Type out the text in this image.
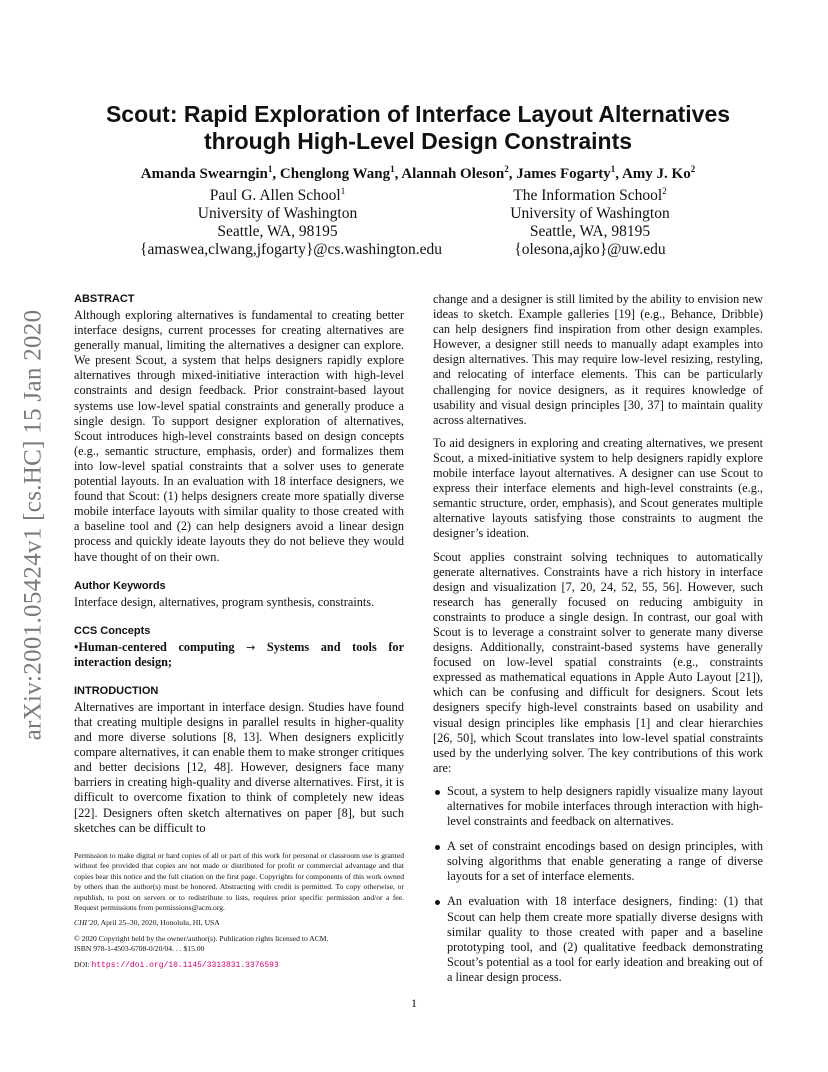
arXiv:2001.05424v1 [cs.HC] 15 Jan 2020
Scout: Rapid Exploration of Interface Layout Alternatives through High-Level Design Constraints
Amanda Swearngin$^1$, Chenglong Wang$^1$, Alannah Oleson$^2$, James Fogarty$^1$, Amy J. Ko$^2$
Paul G. Allen School$^1$
University of Washington
Seattle, WA, 98195
{amaswea,clwang,jfogarty}@cs.washington.edu
The Information School$^2$
University of Washington
Seattle, WA, 98195
{olesona,ajko}@uw.edu
ABSTRACT

Although exploring alternatives is fundamental to creating better interface designs, current processes for creating alternatives are generally manual, limiting the alternatives a designer can explore. We present Scout, a system that helps designers rapidly explore alternatives through mixed-initiative interaction with high-level constraints and design feedback. Prior constraint-based layout systems use low-level spatial constraints and generally produce a single design. To support designer exploration of alternatives, Scout introduces high-level constraints based on design concepts (e.g., semantic structure, emphasis, order) and formalizes them into low-level spatial constraints that a solver uses to generate potential layouts. In an evaluation with 18 interface designers, we found that Scout: (1) helps designers create more spatially diverse mobile interface layouts with similar quality to those created with a baseline tool and (2) can help designers avoid a linear design process and quickly ideate layouts they do not believe they would have thought of on their own.

Author Keywords

Interface design, alternatives, program synthesis, constraints.

CCS Concepts

•Human-centered computing → Systems and tools for interaction design;

INTRODUCTION

Alternatives are important in interface design. Studies have found that creating multiple designs in parallel results in higher-quality and more diverse solutions [8, 13]. When designers explicitly compare alternatives, it can enable them to make stronger critiques and better decisions [12, 48]. However, designers face many barriers in creating high-quality and diverse alternatives. First, it is difficult to overcome fixation to think of completely new ideas [22]. Designers often sketch alternatives on paper [8], but such sketches can be difficult to

Permission to make digital or hard copies of all or part of this work for personal or classroom use is granted without fee provided that copies are not made or distributed for profit or commercial advantage and that copies bear this notice and the full citation on the first page. Copyrights for components of this work owned by others than the author(s) must be honored. Abstracting with credit is permitted. To copy otherwise, or republish, to post on servers or to redistribute to lists, requires prior specific permission and/or a fee. Request permissions from permissions@acm.org.

CHI’20, April 25–30, 2020, Honolulu, HI, USA

© 2020 Copyright held by the owner/author(s). Publication rights licensed to ACM.

ISBN 978-1-4503-6708-0/20/04. . . $15.00

DOI: https://doi.org/10.1145/3313831.3376593

change and a designer is still limited by the ability to envision new ideas to sketch. Example galleries [19] (e.g., Behance, Dribble) can help designers find inspiration from other design examples. However, a designer still needs to manually adapt examples into design alternatives. This may require low-level resizing, restyling, and relocating of interface elements. This can be particularly challenging for novice designers, as it requires knowledge of usability and visual design principles [30, 37] to maintain quality across alternatives.

To aid designers in exploring and creating alternatives, we present Scout, a mixed-initiative system to help designers rapidly explore mobile interface layout alternatives. A designer can use Scout to express their interface elements and high-level constraints (e.g., semantic structure, order, emphasis), and Scout generates multiple alternative layouts satisfying those constraints to augment the designer’s ideation.

Scout applies constraint solving techniques to automatically generate alternatives. Constraints have a rich history in interface design and visualization [7, 20, 24, 52, 55, 56]. However, such research has generally focused on reducing ambiguity in constraints to produce a single design. In contrast, our goal with Scout is to leverage a constraint solver to generate many diverse designs. Additionally, constraint-based systems have generally focused on low-level spatial constraints (e.g., constraints expressed as mathematical equations in Apple Auto Layout [21]), which can be confusing and difficult for designers. Scout lets designers specify high-level constraints based on usability and visual design principles like emphasis [1] and clear hierarchies [26, 50], which Scout translates into low-level spatial constraints used by the underlying solver. The key contributions of this work are:

Scout, a system to help designers rapidly visualize many layout alternatives for mobile interfaces through interaction with high-level constraints and feedback on alternatives.

A set of constraint encodings based on design principles, with solving algorithms that enable generating a range of diverse layouts for a set of interface elements.

An evaluation with 18 interface designers, finding: (1) that Scout can help them create more spatially diverse designs with similar quality to those created with paper and a baseline prototyping tool, and (2) qualitative feedback demonstrating Scout’s potential as a tool for early ideation and breaking out of a linear design process.

1
